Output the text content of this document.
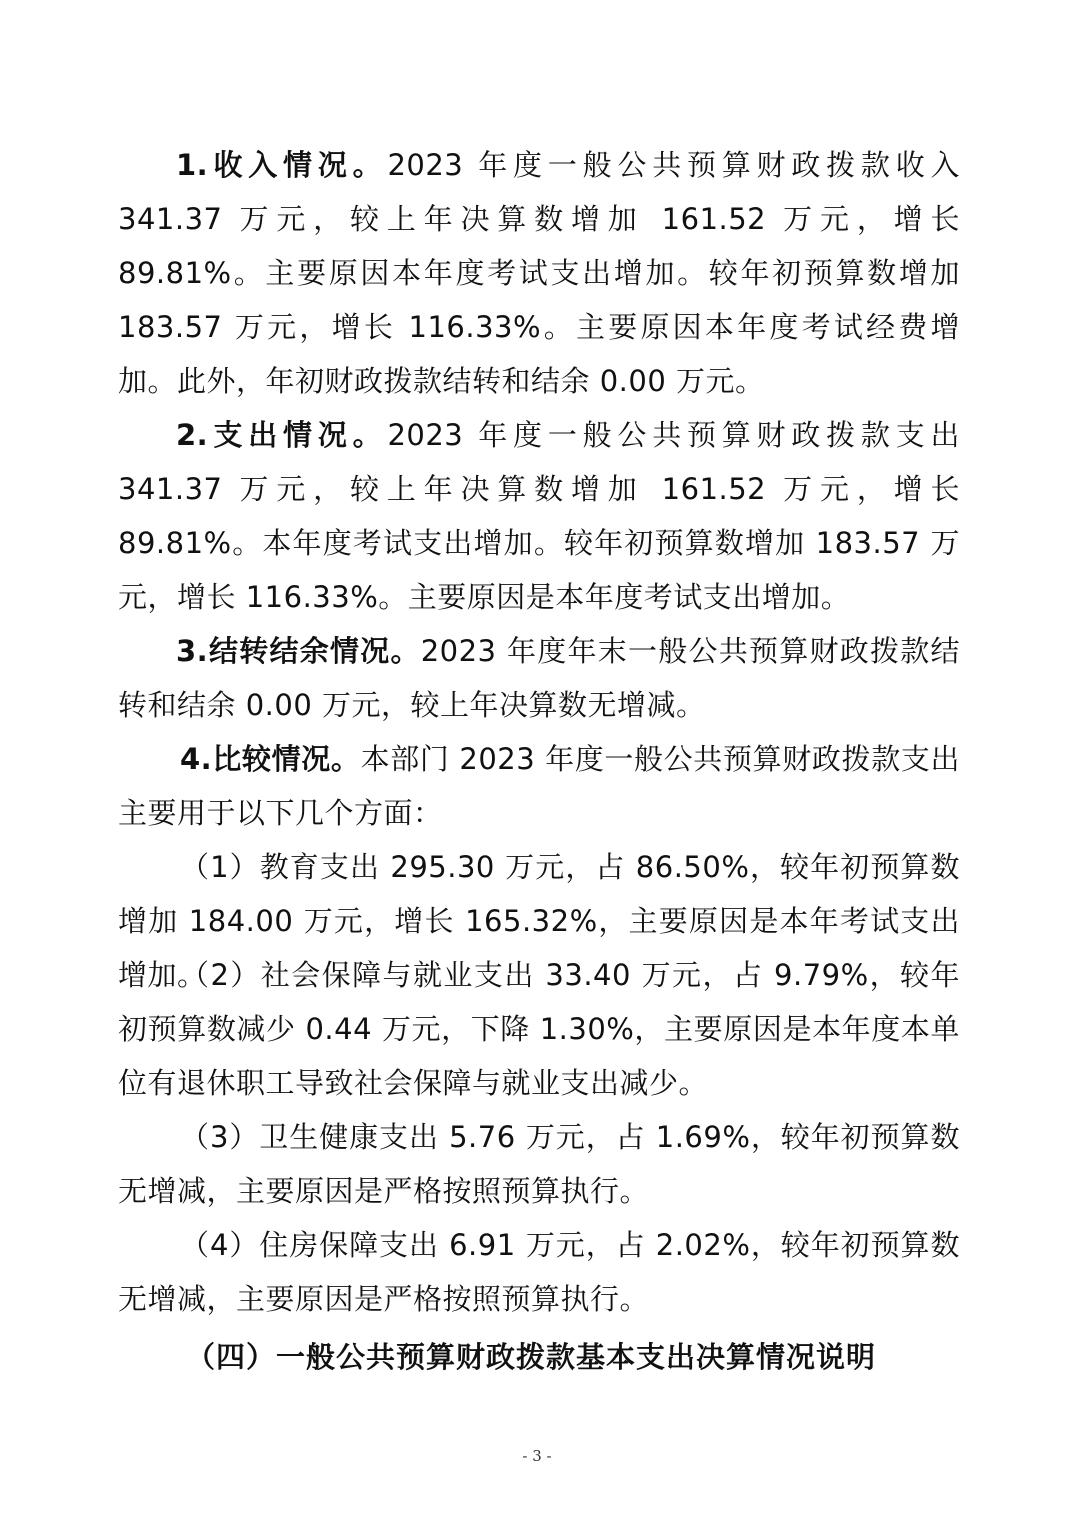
1.收入情况。2023 年度一般公共预算财政拨款收入 341.37 万元，较上年决算数增加 161.52 万元，增长 89.81%。主要原因本年度考试支出增加。较年初预算数增加 183.57 万元，增长 116.33%。主要原因本年度考试经费增加。此外，年初财政拨款结转和结余 0.00 万元。

2.支出情况。2023 年度一般公共预算财政拨款支出 341.37 万元，较上年决算数增加 161.52 万元，增长 89.81%。本年度考试支出增加。较年初预算数增加 183.57 万元，增长 116.33%。主要原因是本年度考试支出增加。

3.结转结余情况。2023 年度年末一般公共预算财政拨款结转和结余 0.00 万元，较上年决算数无增减。

4.比较情况。本部门 2023 年度一般公共预算财政拨款支出主要用于以下几个方面：

（1）教育支出 295.30 万元，占 86.50%，较年初预算数增加 184.00 万元，增长 165.32%，主要原因是本年考试支出增加。

（2）社会保障与就业支出 33.40 万元，占 9.79%，较年初预算数减少 0.44 万元，下降 1.30%，主要原因是本年度本单位有退休职工导致社会保障与就业支出减少。

（3）卫生健康支出 5.76 万元，占 1.69%，较年初预算数无增减，主要原因是严格按照预算执行。

（4）住房保障支出 6.91 万元，占 2.02%，较年初预算数无增减，主要原因是严格按照预算执行。

（四）一般公共预算财政拨款基本支出决算情况说明
- 3 -
